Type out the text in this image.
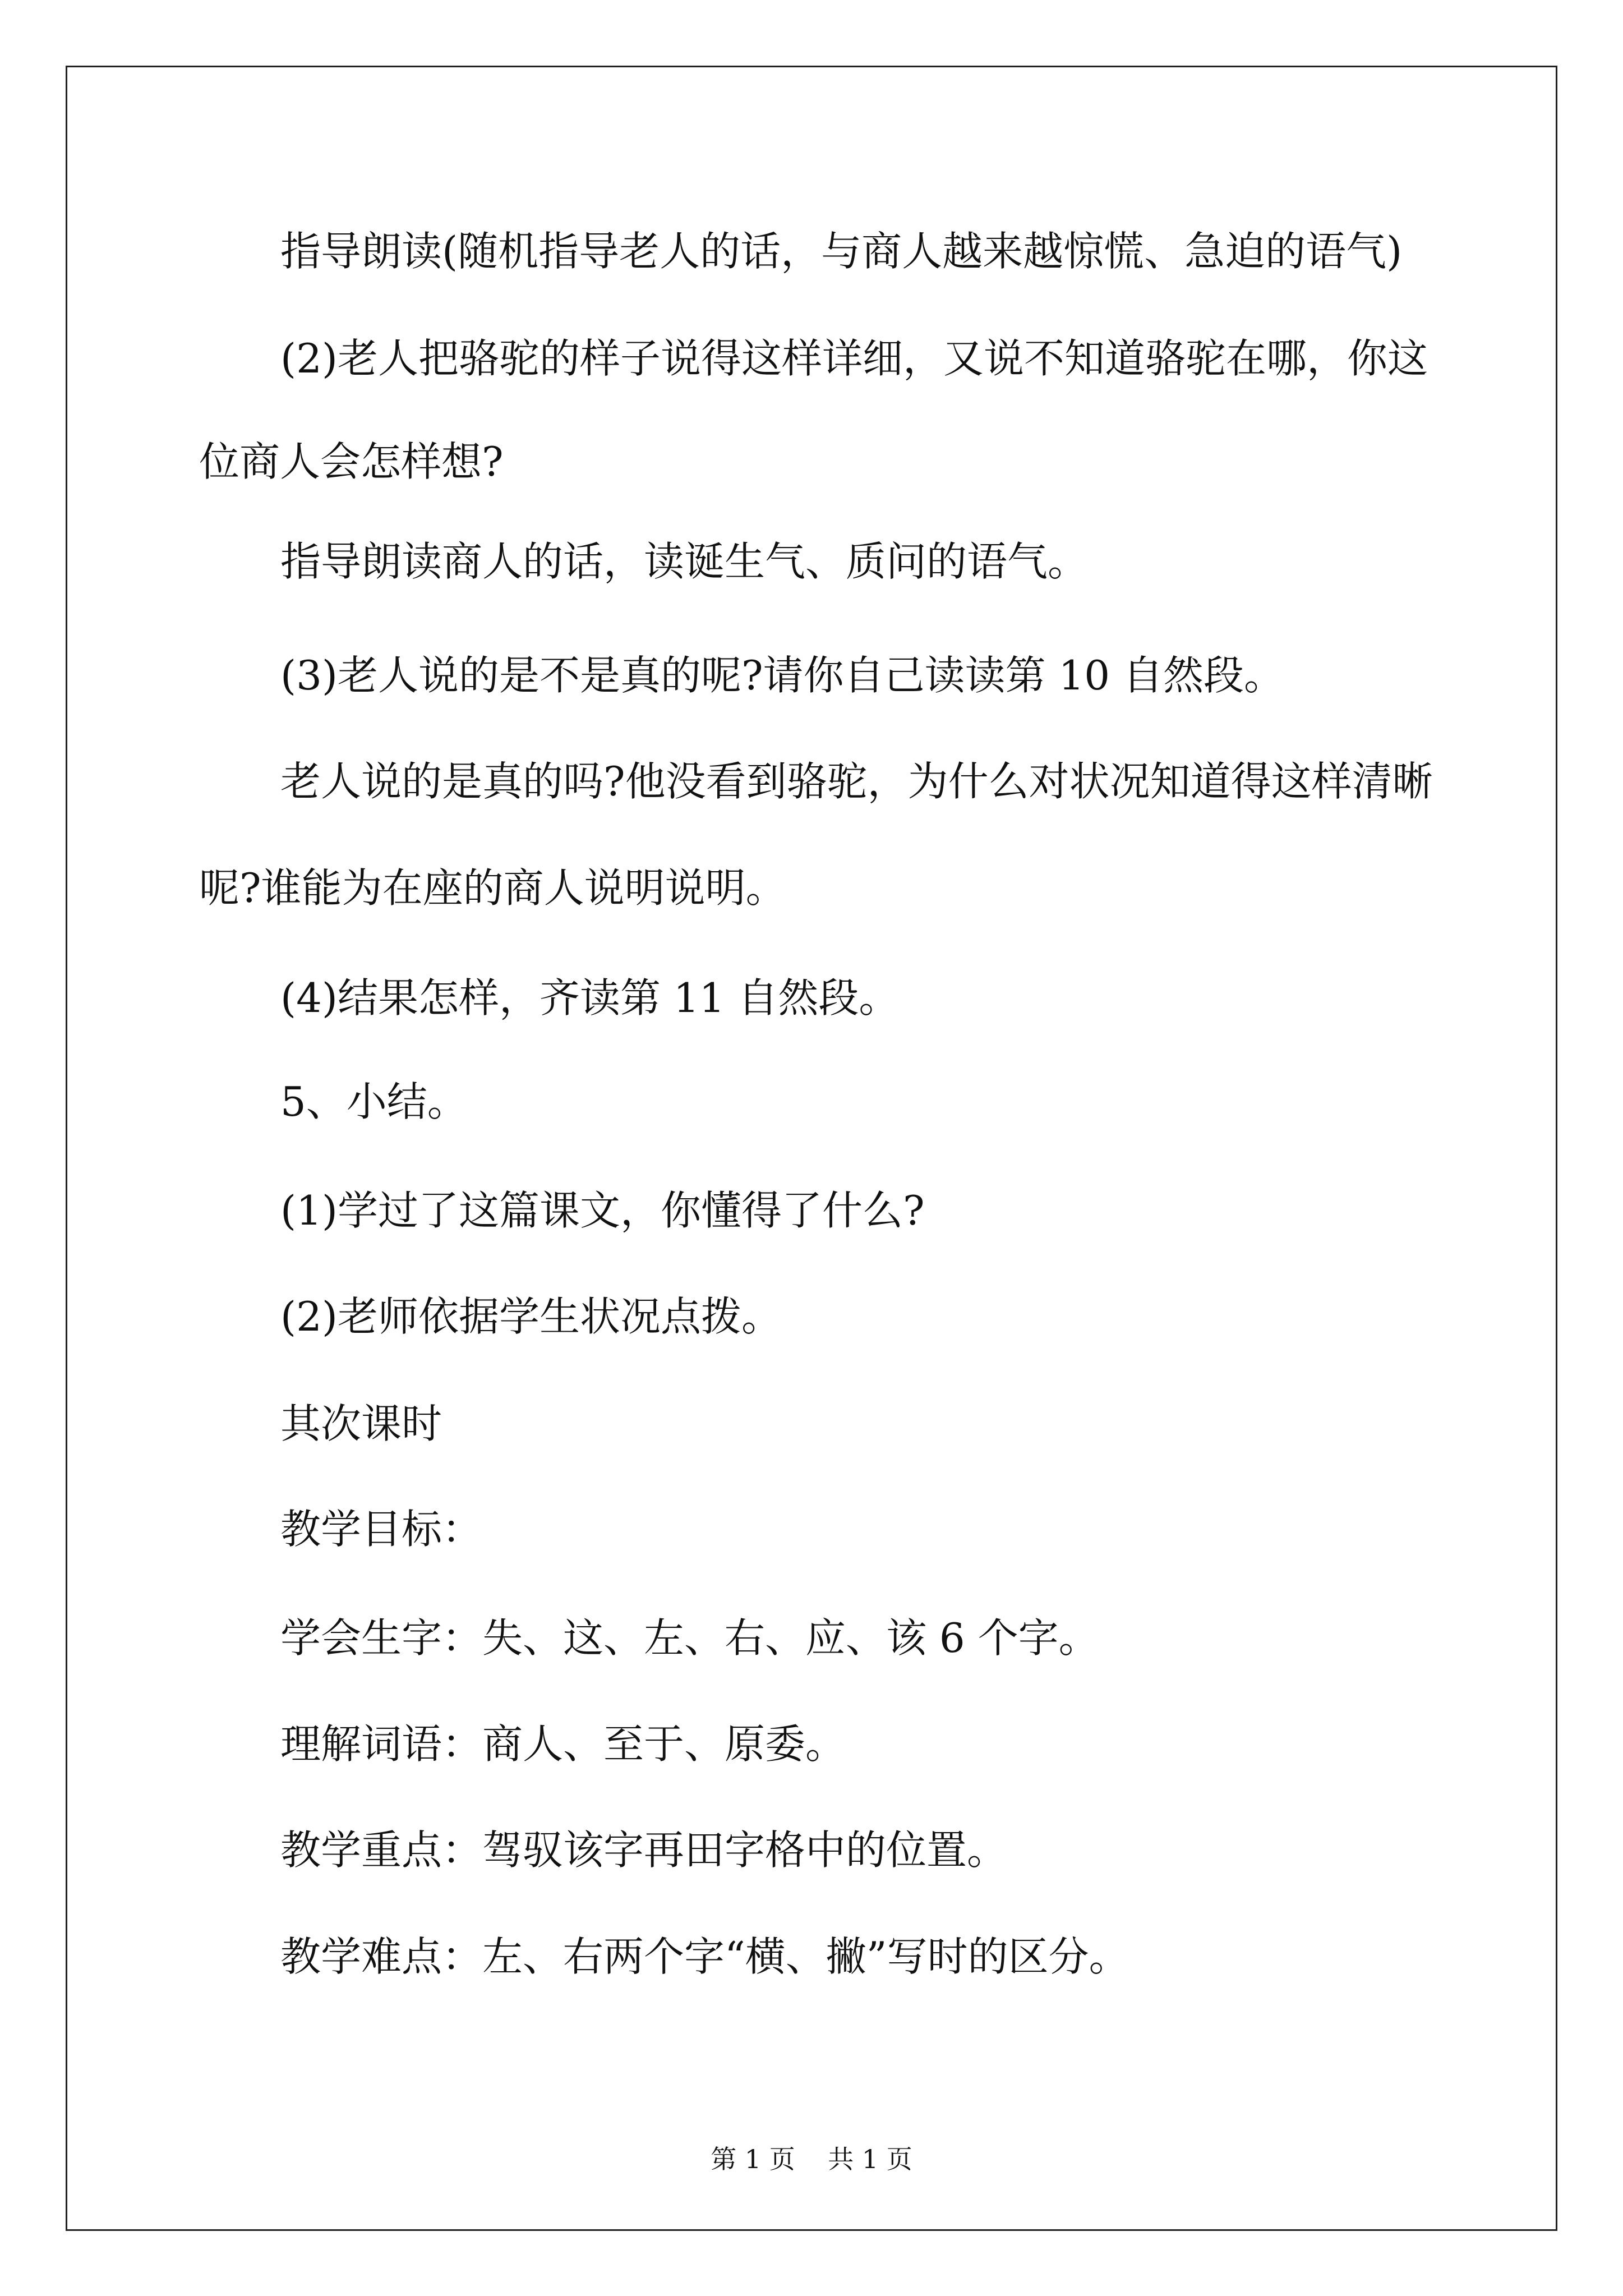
指导朗读(随机指导老人的话，与商人越来越惊慌、急迫的语气)
(2)老人把骆驼的样子说得这样详细，又说不知道骆驼在哪，你这
位商人会怎样想?
指导朗读商人的话，读诞生气、质问的语气。
(3)老人说的是不是真的呢?请你自己读读第 10 自然段。
老人说的是真的吗?他没看到骆驼，为什么对状况知道得这样清晰
呢?谁能为在座的商人说明说明。
(4)结果怎样，齐读第 11 自然段。
5、小结。
(1)学过了这篇课文，你懂得了什么?
(2)老师依据学生状况点拨。
其次课时
教学目标：
学会生字：失、这、左、右、应、该 6 个字。
理解词语：商人、至于、原委。
教学重点：驾驭该字再田字格中的位置。
教学难点：左、右两个字“横、撇”写时的区分。
第 1 页    共 1 页
